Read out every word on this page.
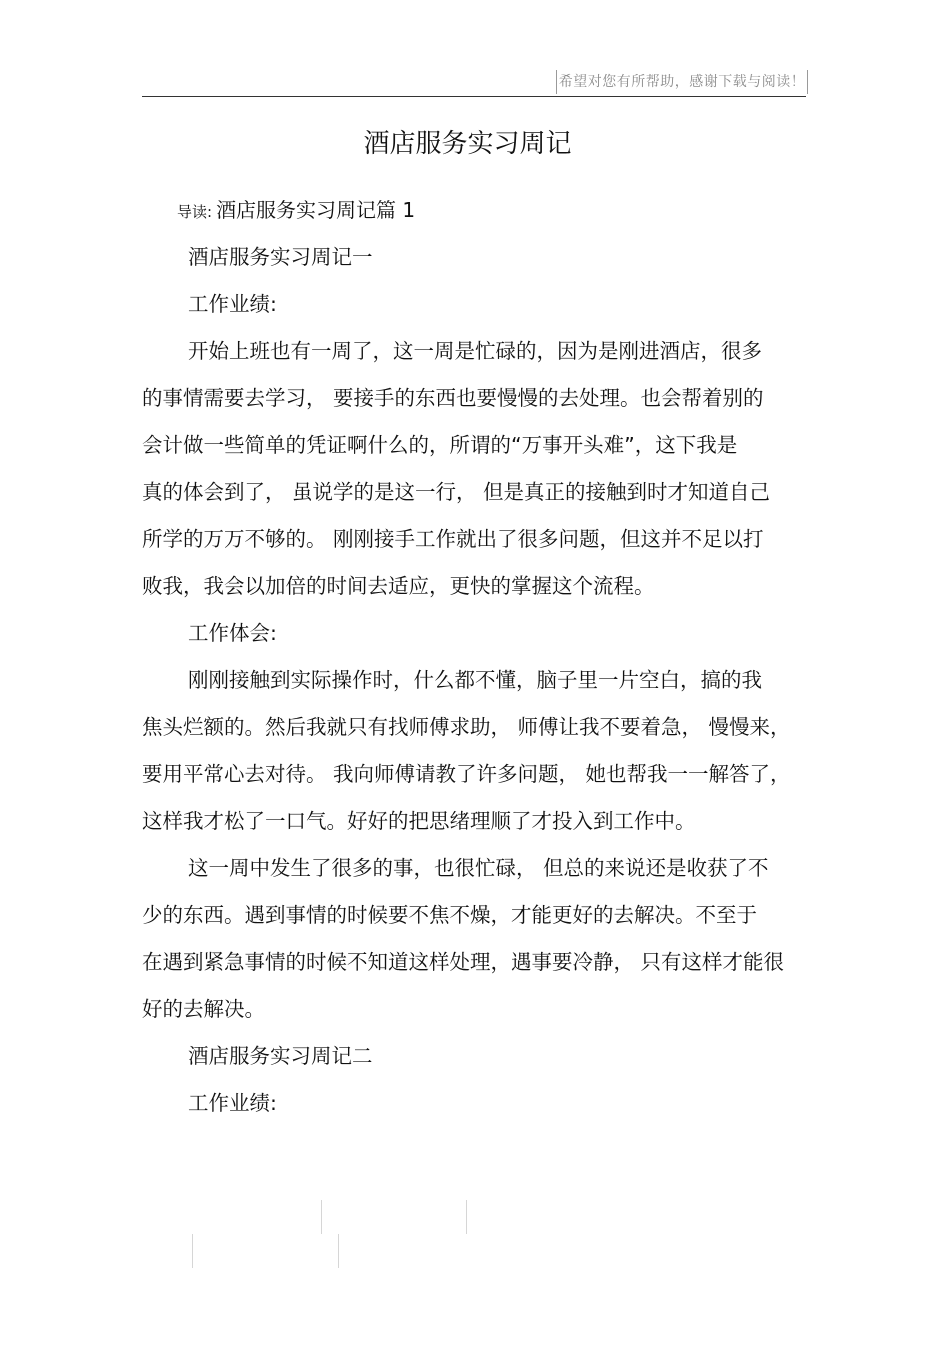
希望对您有所帮助，感谢下载与阅读！
酒店服务实习周记
导读: 酒店服务实习周记篇 1

酒店服务实习周记一

工作业绩:

开始上班也有一周了，这一周是忙碌的，因为是刚进酒店，很多
的事情需要去学习， 要接手的东西也要慢慢的去处理。也会帮着别的
会计做一些简单的凭证啊什么的，所谓的“万事开头难”，这下我是
真的体会到了， 虽说学的是这一行， 但是真正的接触到时才知道自己
所学的万万不够的。 刚刚接手工作就出了很多问题，但这并不足以打
败我，我会以加倍的时间去适应，更快的掌握这个流程。

工作体会:

刚刚接触到实际操作时，什么都不懂，脑子里一片空白，搞的我
焦头烂额的。然后我就只有找师傅求助， 师傅让我不要着急， 慢慢来，
要用平常心去对待。 我向师傅请教了许多问题， 她也帮我一一解答了，
这样我才松了一口气。好好的把思绪理顺了才投入到工作中。

这一周中发生了很多的事，也很忙碌， 但总的来说还是收获了不
少的东西。遇到事情的时候要不焦不燥，才能更好的去解决。不至于
在遇到紧急事情的时候不知道这样处理，遇事要冷静， 只有这样才能很
好的去解决。

酒店服务实习周记二

工作业绩:
